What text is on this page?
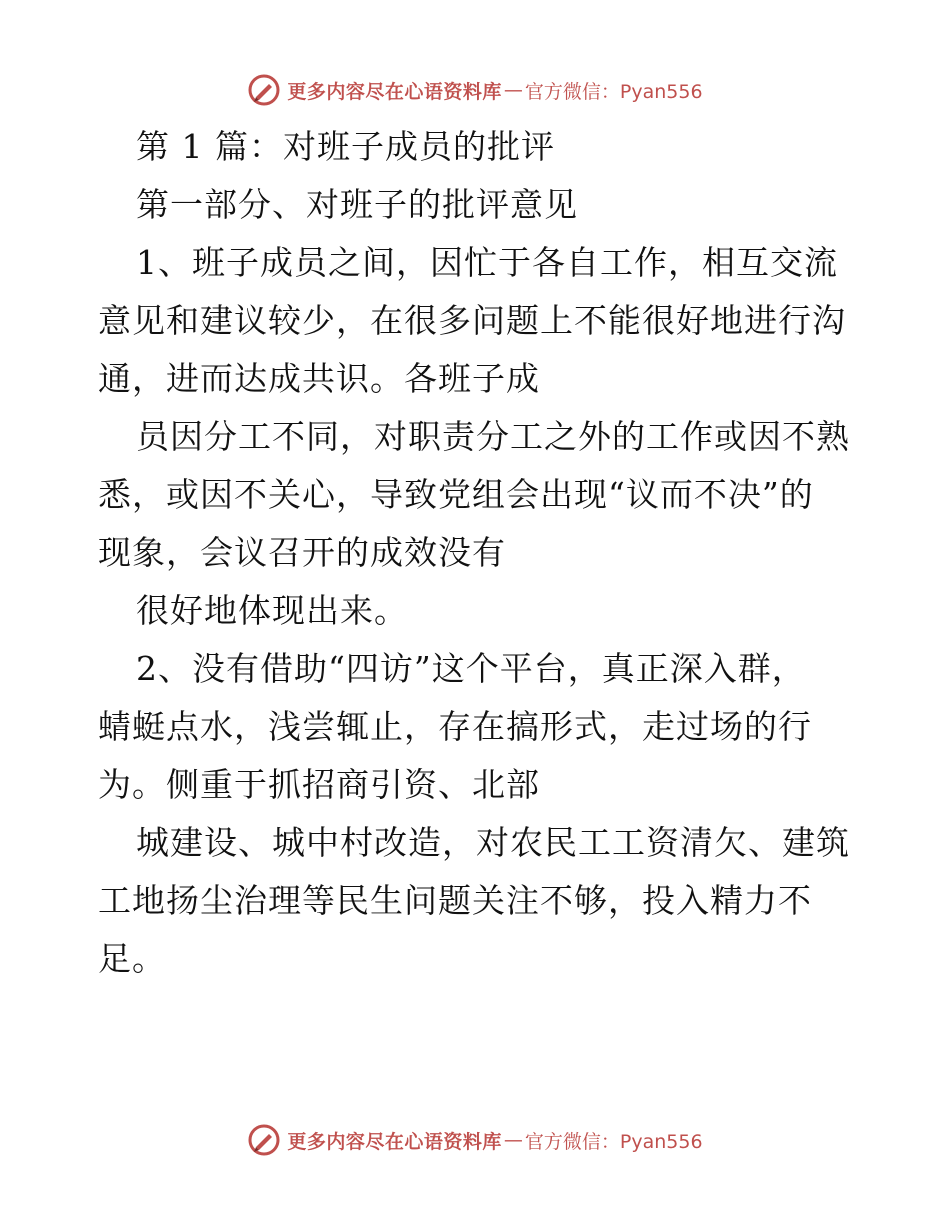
更多内容尽在心语资料库 — 官方微信：Pyan556
第 1 篇：对班子成员的批评
第一部分、对班子的批评意见
1、班子成员之间，因忙于各自工作，相互交流
意见和建议较少，在很多问题上不能很好地进行沟
通，进而达成共识。各班子成
员因分工不同，对职责分工之外的工作或因不熟
悉，或因不关心，导致党组会出现“议而不决”的
现象，会议召开的成效没有
很好地体现出来。
2、没有借助“四访”这个平台，真正深入群，
蜻蜓点水，浅尝辄止，存在搞形式，走过场的行
为。侧重于抓招商引资、北部
城建设、城中村改造，对农民工工资清欠、建筑
工地扬尘治理等民生问题关注不够，投入精力不
足。
更多内容尽在心语资料库 — 官方微信：Pyan556
